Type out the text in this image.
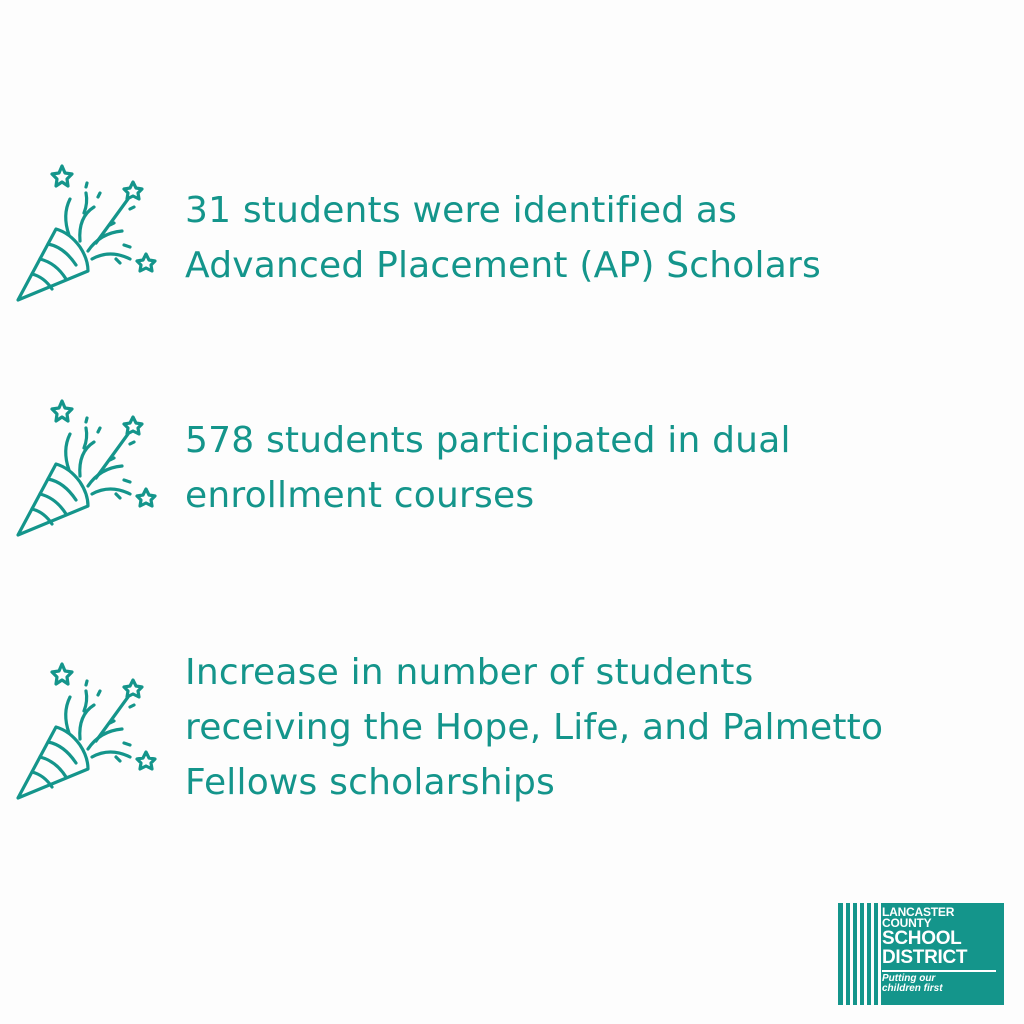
31 students were identified as
Advanced Placement (AP) Scholars
578 students participated in dual
enrollment courses
Increase in number of students
receiving the Hope, Life, and Palmetto
Fellows scholarships
LANCASTER
COUNTY
SCHOOL
DISTRICT
Putting our
children first
